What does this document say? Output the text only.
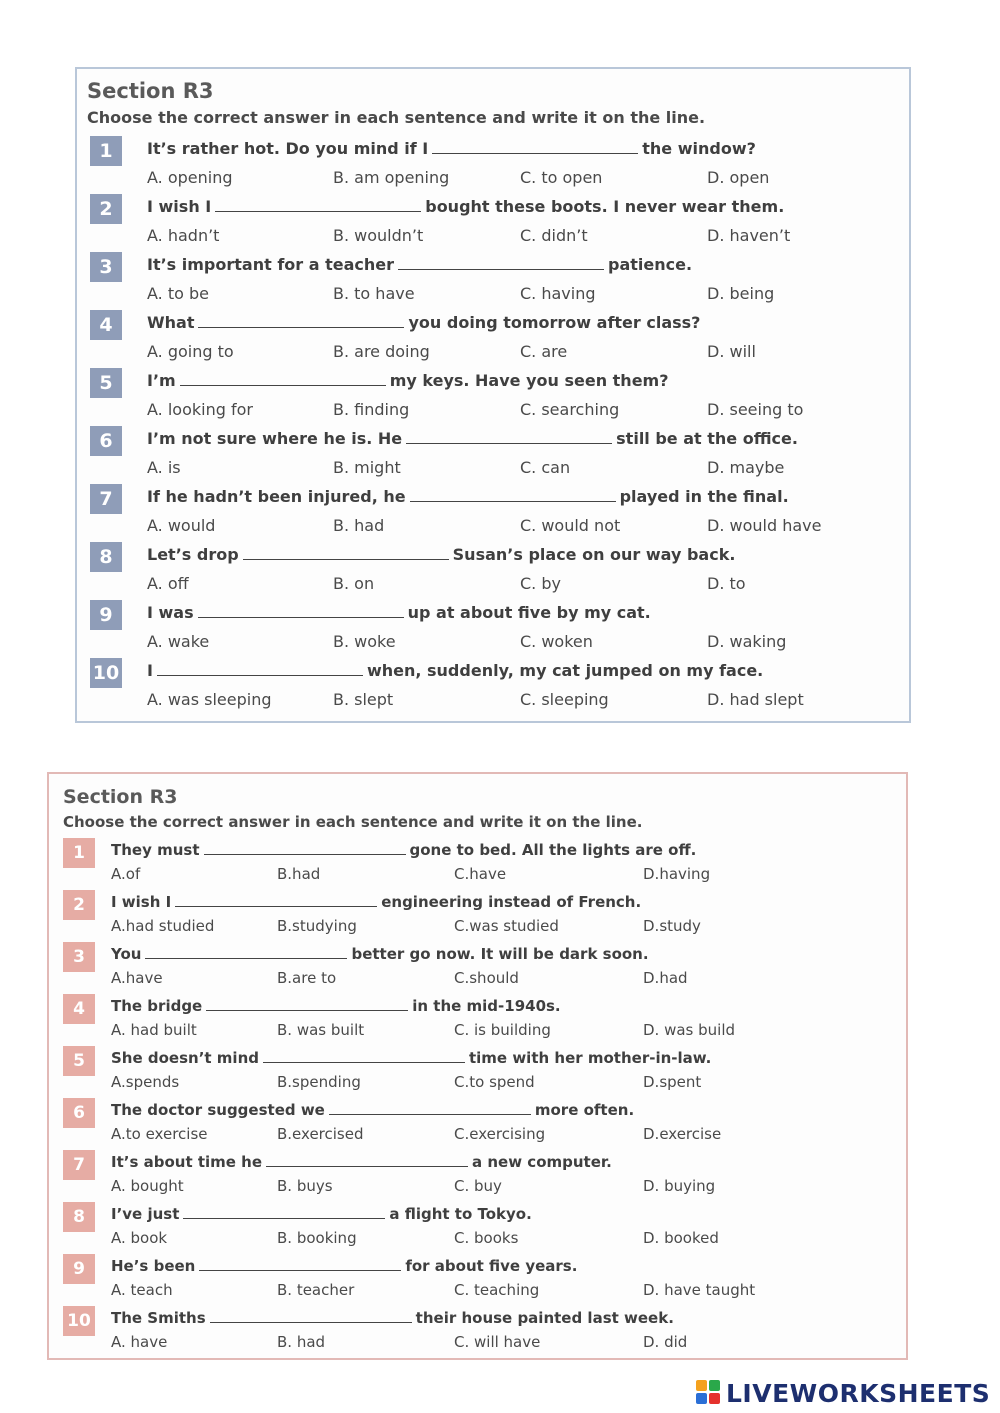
Section R3
Choose the correct answer in each sentence and write it on the line.
1	It’s rather hot. Do you mind if I	the window?
A. opening	B. am opening	C. to open	D. open
2	I wish I	bought these boots. I never wear them.
A. hadn’t	B. wouldn’t	C. didn’t	D. haven’t
3	It’s important for a teacher	patience.
A. to be	B. to have	C. having	D. being
4	What	you doing tomorrow after class?
A. going to	B. are doing	C. are	D. will
5	I’m	my keys. Have you seen them?
A. looking for	B. finding	C. searching	D. seeing to
6	I’m not sure where he is. He	still be at the office.
A. is	B. might	C. can	D. maybe
7	If he hadn’t been injured, he	played in the final.
A. would	B. had	C. would not	D. would have
8	Let’s drop	Susan’s place on our way back.
A. off	B. on	C. by	D. to
9	I was	up at about five by my cat.
A. wake	B. woke	C. woken	D. waking
10 I	when, suddenly, my cat jumped on my face.
A. was sleeping	B. slept	C. sleeping	D. had slept
Section R3
Choose the correct answer in each sentence and write it on the line.
1	They must	gone to bed. All the lights are off.
A.of	B.had	C.have	D.having
2	I wish I	engineering instead of French.
A.had studied	B.studying	C.was studied	D.study
3	You	better go now. It will be dark soon.
A.have	B.are to	C.should	D.had
4	The bridge	in the mid-1940s.
A. had built	B. was built	C. is building	D. was build
5	She doesn’t mind	time with her mother-in-law.
A.spends	B.spending	C.to spend	D.spent
6	The doctor suggested we	more often.
A.to exercise	B.exercised	C.exercising	D.exercise
7	It’s about time he	a new computer.
A. bought	B. buys	C. buy	D. buying
8	I’ve just	a flight to Tokyo.
A. book	B. booking	C. books	D. booked
9	He’s been	for about five years.
A. teach	B. teacher	C. teaching	D. have taught
10 The Smiths	their house painted last week.
A. have	B. had	C. will have	D. did
LIVEWORKSHEETS
